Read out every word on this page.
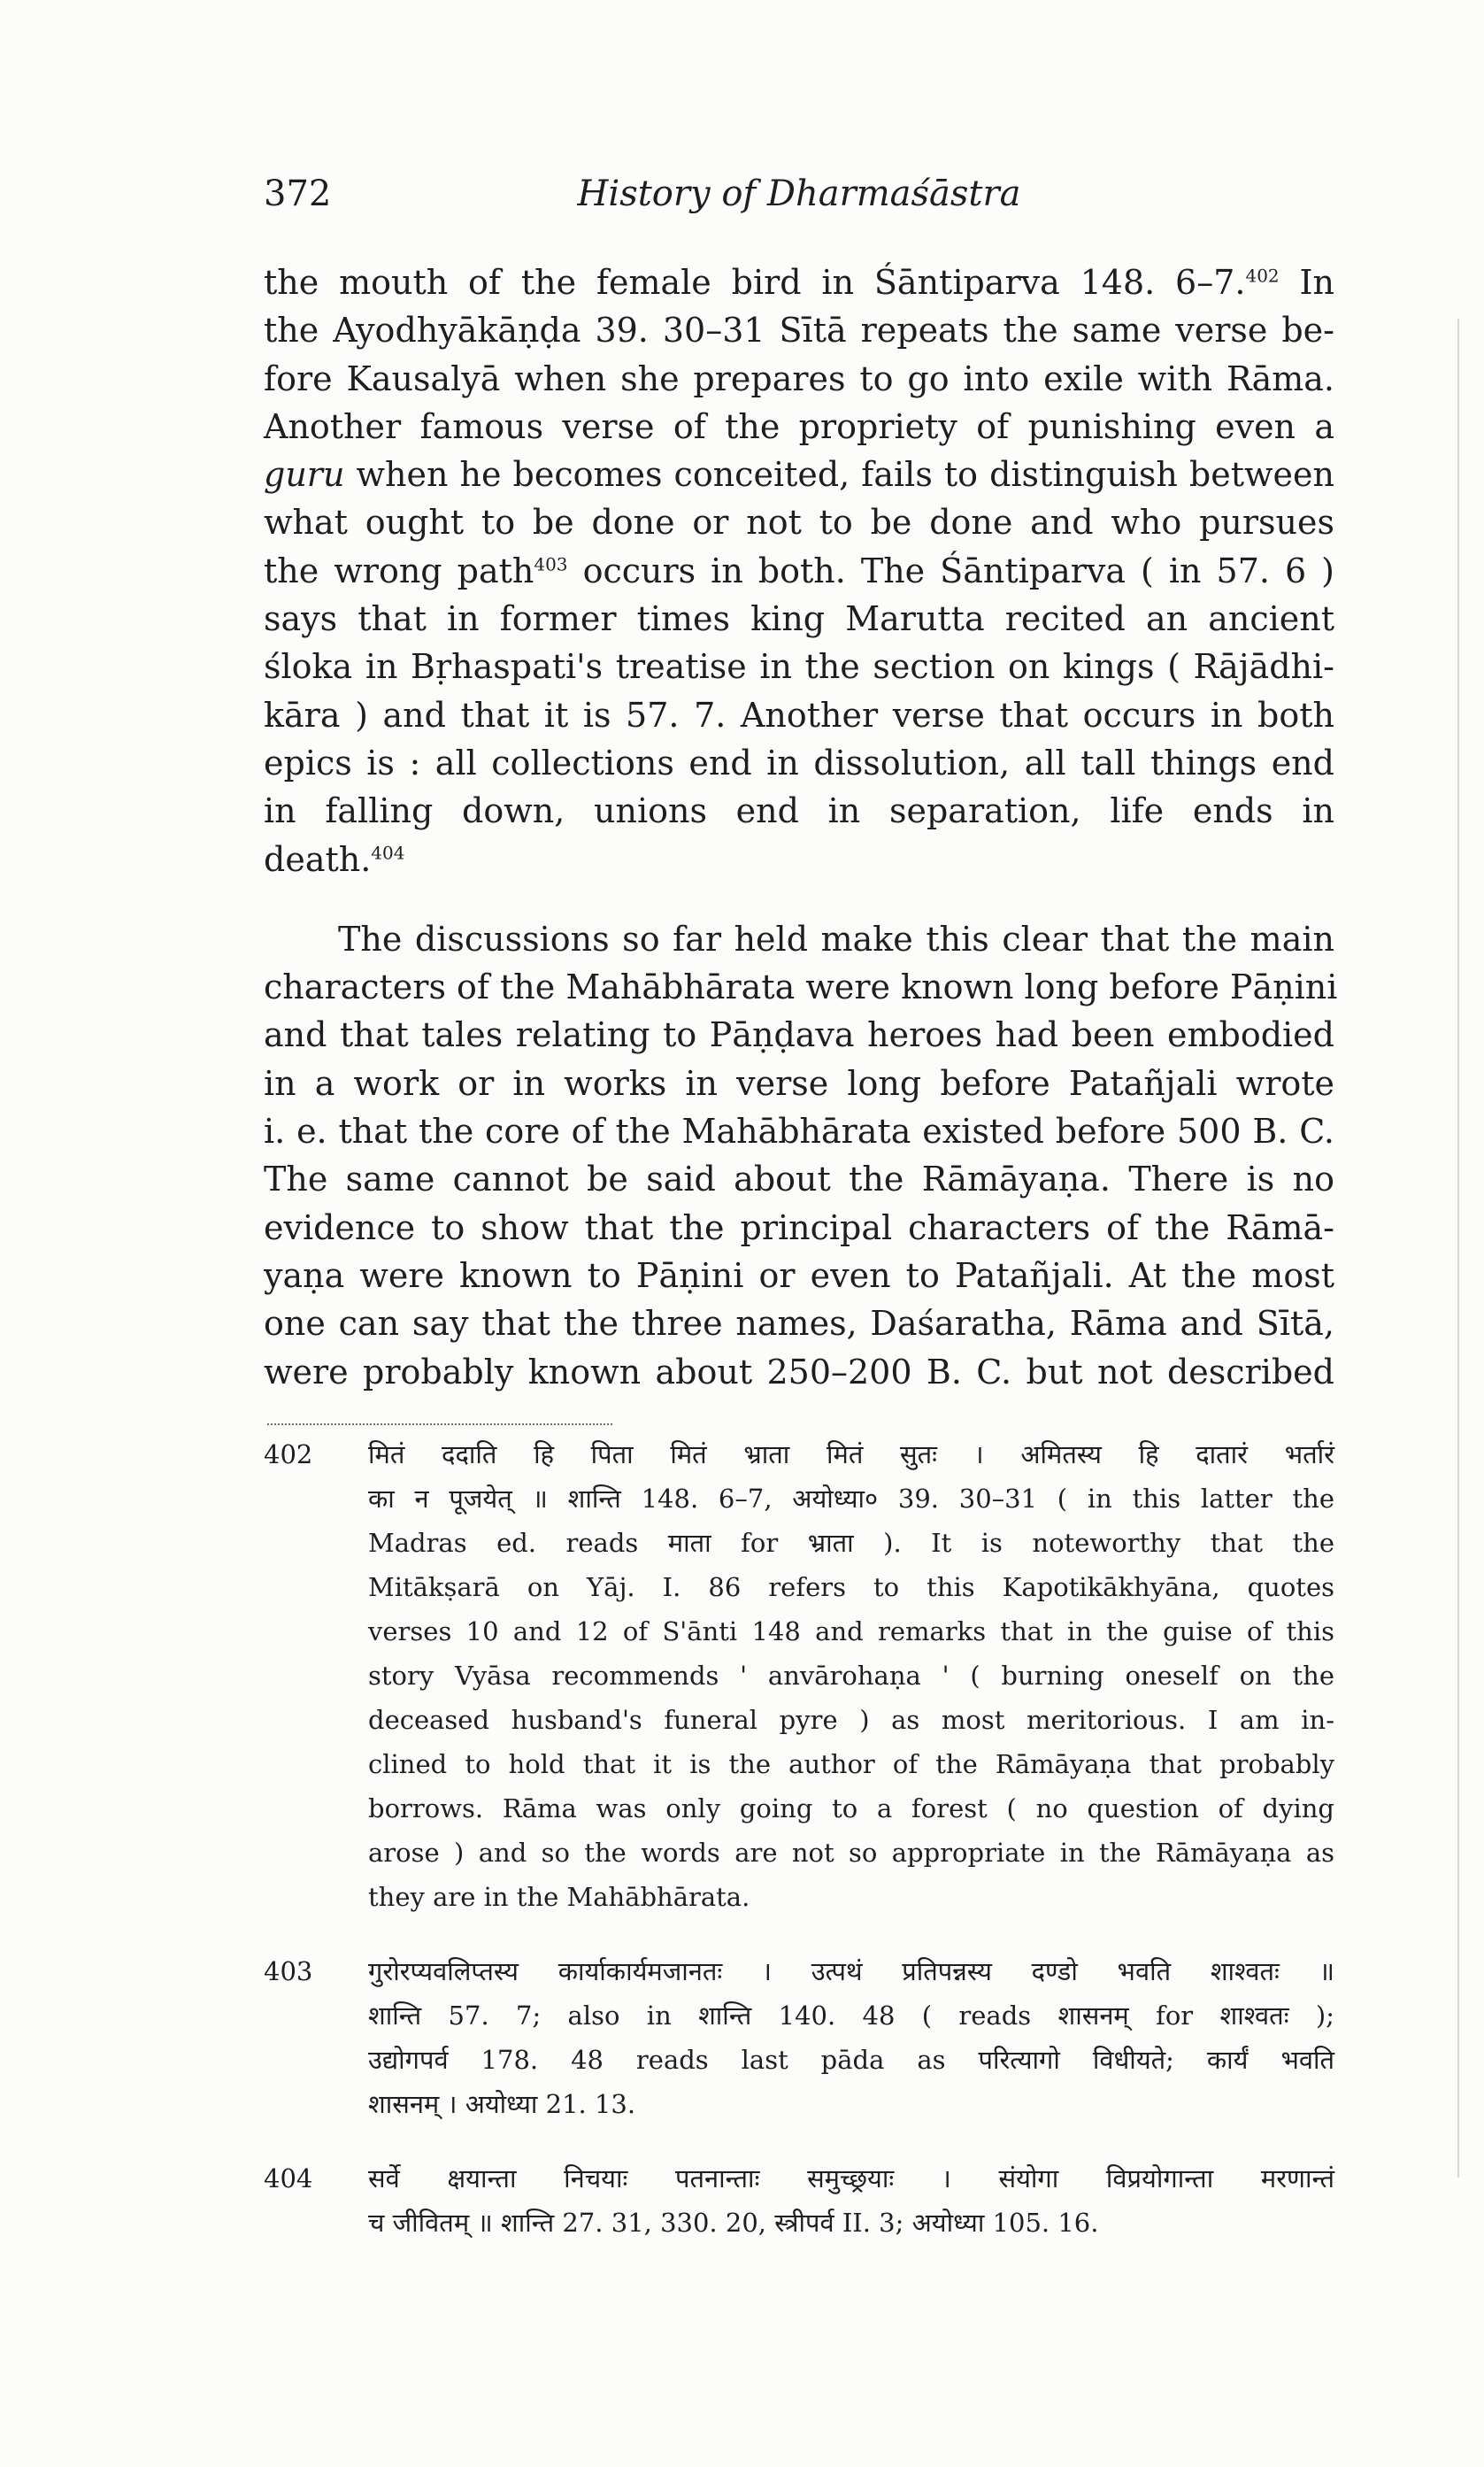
372	History of Dharmaśāstra
the mouth of the female bird in Śāntiparva 148. 6–7.$^{402}$ In
the Ayodhyākāṇḍa 39. 30–31 Sītā repeats the same verse be-
fore Kausalyā when she prepares to go into exile with Rāma.
Another famous verse of the propriety of punishing even a
guru when he becomes conceited, fails to distinguish between
what ought to be done or not to be done and who pursues
the wrong path$^{403}$ occurs in both. The Śāntiparva ( in 57. 6 )
says that in former times king Marutta recited an ancient
śloka in Bṛhaspati's treatise in the section on kings ( Rājādhi-
kāra ) and that it is 57. 7. Another verse that occurs in both
epics is : all collections end in dissolution, all tall things end
in falling down, unions end in separation, life ends in
death.$^{404}$
The discussions so far held make this clear that the main
characters of the Mahābhārata were known long before Pāṇini
and that tales relating to Pāṇḍava heroes had been embodied
in a work or in works in verse long before Patañjali wrote
i. e. that the core of the Mahābhārata existed before 500 B. C.
The same cannot be said about the Rāmāyaṇa. There is no
evidence to show that the principal characters of the Rāmā-
yaṇa were known to Pāṇini or even to Patañjali. At the most
one can say that the three names, Daśaratha, Rāma and Sītā,
were probably known about 250–200 B. C. but not described
402 मितं ददाति हि पिता मितं भ्राता मितं सुतः । अमितस्य हि दातारं भर्तारं
का न पूजयेत् ॥ शान्ति 148. 6–7, अयोध्या० 39. 30–31 ( in this latter the
Madras ed. reads माता for भ्राता ). It is noteworthy that the
Mitākṣarā on Yāj. I. 86 refers to this Kapotikākhyāna, quotes
verses 10 and 12 of S'ānti 148 and remarks that in the guise of this
story Vyāsa recommends ' anvārohaṇa ' ( burning oneself on the
deceased husband's funeral pyre ) as most meritorious. I am in-
clined to hold that it is the author of the Rāmāyaṇa that probably
borrows. Rāma was only going to a forest ( no question of dying
arose ) and so the words are not so appropriate in the Rāmāyaṇa as
they are in the Mahābhārata.
403 गुरोरप्यवलिप्तस्य कार्याकार्यमजानतः । उत्पथं प्रतिपन्नस्य दण्डो भवति शाश्वतः ॥
शान्ति 57. 7; also in शान्ति 140. 48 ( reads शासनम् for शाश्वतः );
उद्योगपर्व 178. 48 reads last pāda as परित्यागो विधीयते; कार्यं भवति
शासनम् । अयोध्या 21. 13.
404 सर्वे क्षयान्ता निचयाः पतनान्ताः समुच्छ्रयाः । संयोगा विप्रयोगान्ता मरणान्तं
च जीवितम् ॥ शान्ति 27. 31, 330. 20, स्त्रीपर्व II. 3; अयोध्या 105. 16.
